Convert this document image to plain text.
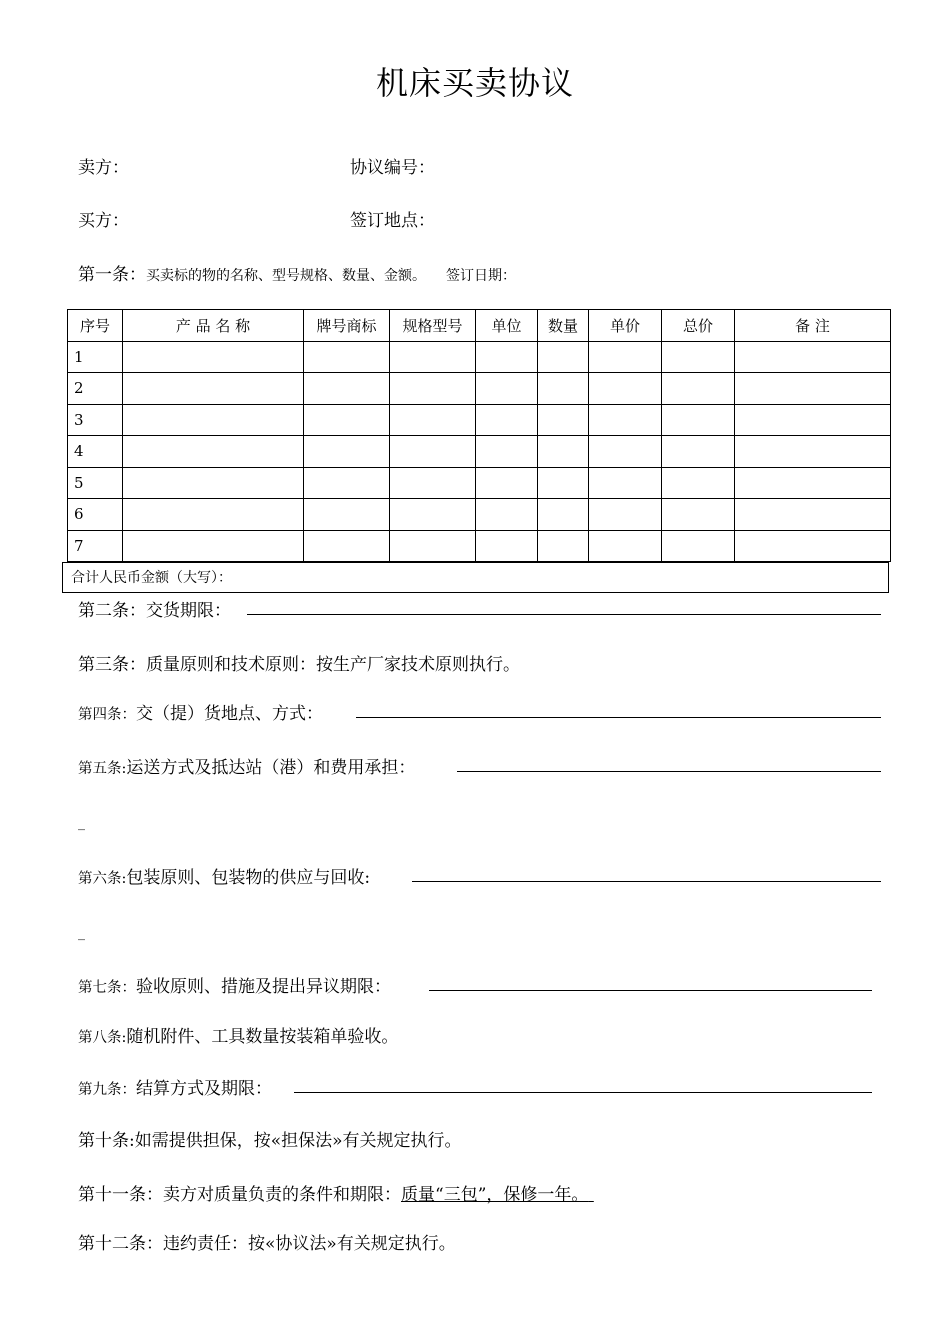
机床买卖协议
卖方：	协议编号：
买方：	签订地点：
第一条：买卖标的物的名称、型号规格、数量、金额。 签订日期：
序号	产 品 名 称	牌号商标	规格型号	单位	数量	单价	总价	备 注
1								
2								
3								
4								
5								
6								
7								
合计人民币金额（大写）：
第二条：交货期限：
第三条：质量原则和技术原则：按生产厂家技术原则执行。
第四条：交（提）货地点、方式：
第五条:运送方式及抵达站（港）和费用承担：
_
第六条:包装原则、包装物的供应与回收:
_
第七条：验收原则、措施及提出异议期限：
第八条:随机附件、工具数量按装箱单验收。
第九条：结算方式及期限：
第十条:如需提供担保，按«担保法»有关规定执行。
第十一条：卖方对质量负责的条件和期限：质量“三包”，保修一年。
第十二条：违约责任：按«协议法»有关规定执行。
